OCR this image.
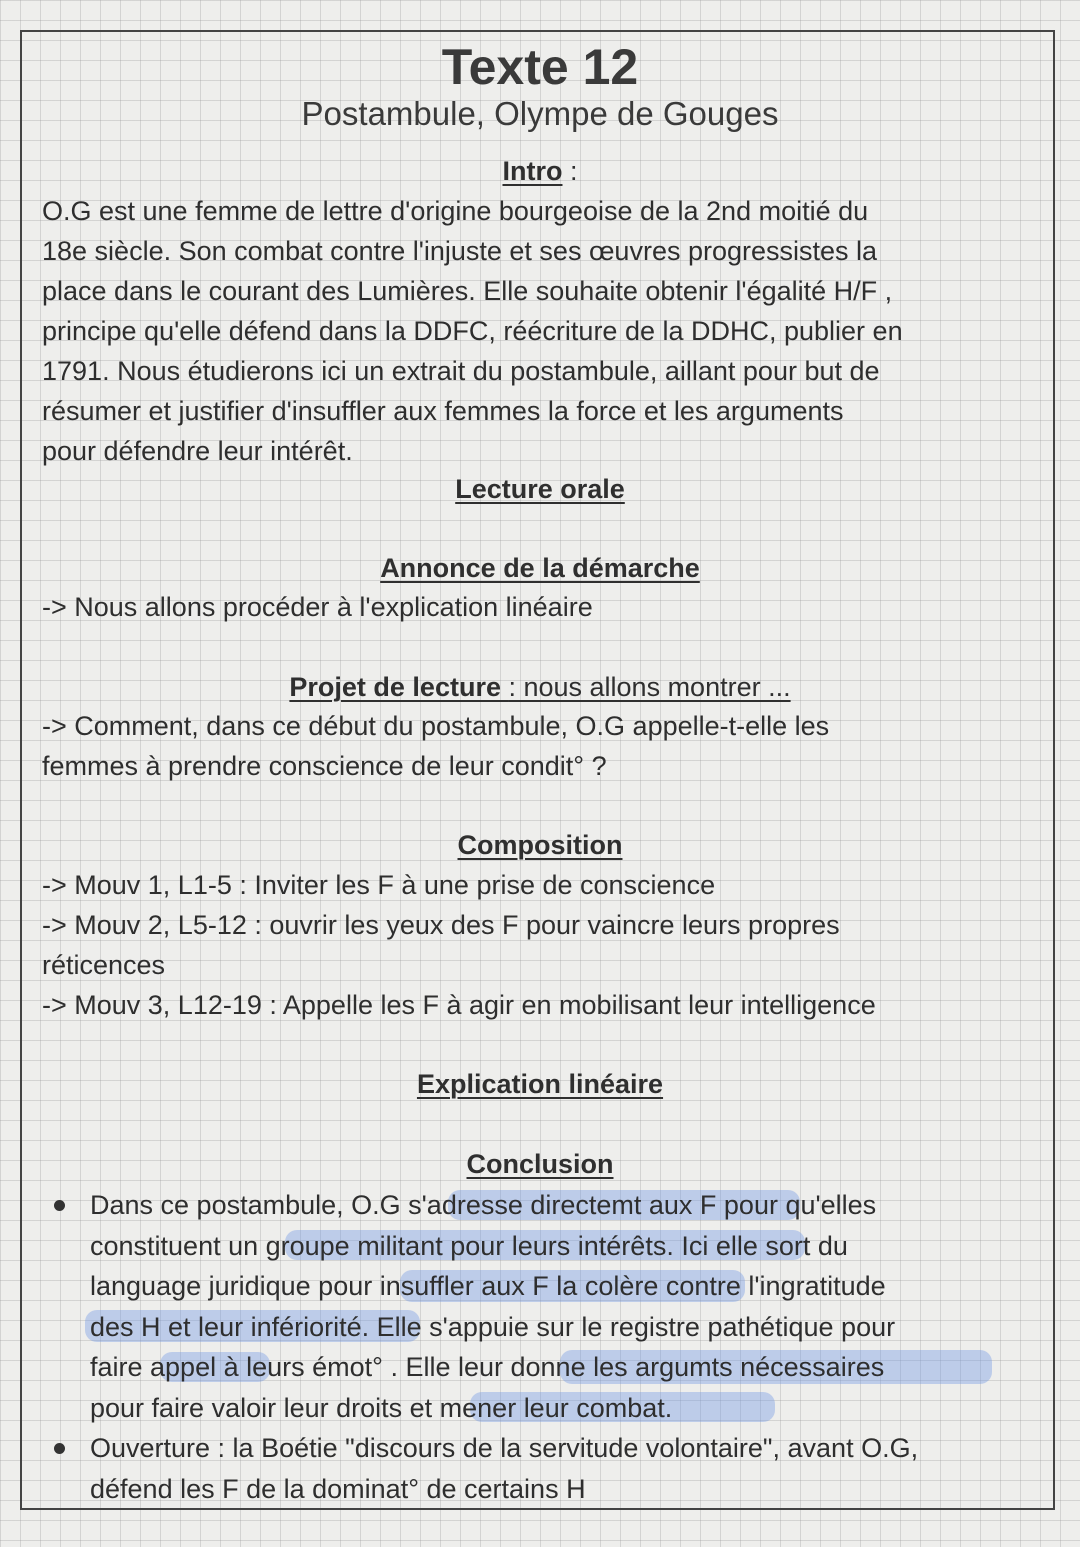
Texte 12
Postambule, Olympe de Gouges
Intro :
O.G est une femme de lettre d'origine bourgeoise de la 2nd moitié du
18e siècle. Son combat contre l'injuste et ses œuvres progressistes la
place dans le courant des Lumières. Elle souhaite obtenir l'égalité H/F ,
principe qu'elle défend dans la DDFC, réécriture de la DDHC, publier en
1791. Nous étudierons ici un extrait du postambule, aillant pour but de
résumer et justifier d'insuffler aux femmes la force et les arguments
pour défendre leur intérêt.
Lecture orale
Annonce de la démarche
-> Nous allons procéder à l'explication linéaire
Projet de lecture : nous allons montrer ...
-> Comment, dans ce début du postambule, O.G appelle-t-elle les
femmes à prendre conscience de leur condit° ?
Composition
-> Mouv 1, L1-5 : Inviter les F à une prise de conscience
-> Mouv 2, L5-12 : ouvrir les yeux des F pour vaincre leurs propres
réticences
-> Mouv 3, L12-19 : Appelle les F à agir en mobilisant leur intelligence
Explication linéaire
Conclusion
Dans ce postambule, O.G s'adresse directemt aux F pour qu'elles
constituent un groupe militant pour leurs intérêts. Ici elle sort du
language juridique pour insuffler aux F la colère contre l'ingratitude
des H et leur infériorité. Elle s'appuie sur le registre pathétique pour
faire appel à leurs émot° . Elle leur donne les argumts nécessaires
pour faire valoir leur droits et mener leur combat.
Ouverture : la Boétie "discours de la servitude volontaire", avant O.G,
défend les F de la dominat° de certains H
